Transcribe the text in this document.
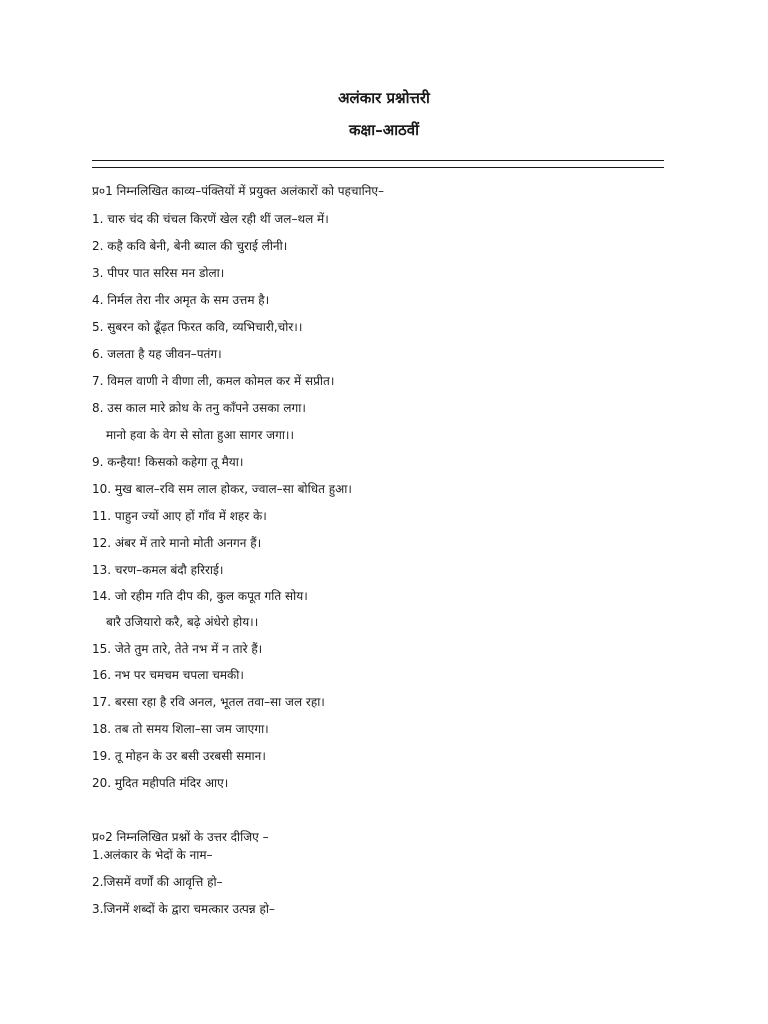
अलंकार प्रश्नोत्तरी
कक्षा–आठवीं
प्र०1 निम्नलिखित काव्य–पंक्तियों में प्रयुक्त अलंकारों को पहचानिए–
1. चारु चंद की चंचल किरणें खेल रही थीं जल–थल में।
2. कहै कवि बेनी, बेनी ब्याल की चुराई लीनी।
3. पीपर पात सरिस मन डोला।
4. निर्मल तेरा नीर अमृत के सम उत्तम है।
5. सुबरन को ढूँढ़त फिरत कवि, व्यभिचारी,चोर।।
6. जलता है यह जीवन–पतंग।
7. विमल वाणी ने वीणा ली, कमल कोमल कर में सप्रीत।
8. उस काल मारे क्रोध के तनु काँपने उसका लगा।
मानो हवा के वेग से सोता हुआ सागर जगा।।
9. कन्हैया! किसको कहेगा तू मैया।
10. मुख बाल–रवि सम लाल होकर, ज्वाल–सा बोधित हुआ।
11. पाहुन ज्यों आए हों गाँव में शहर के।
12. अंबर में तारे मानो मोती अनगन हैं।
13. चरण–कमल बंदौ हरिराई।
14. जो रहीम गति दीप की, कुल कपूत गति सोय।
बारै उजियारो करै, बढ़े अंधेरो होय।।
15. जेते तुम तारे, तेते नभ में न तारे हैं।
16. नभ पर चमचम चपला चमकी।
17. बरसा रहा है रवि अनल, भूतल तवा–सा जल रहा।
18. तब तो समय शिला–सा जम जाएगा।
19. तू मोहन के उर बसी उरबसी समान।
20. मुदित महीपति मंदिर आए।
प्र०2 निम्नलिखित प्रश्नों के उत्तर दीजिए –
1.अलंकार के भेदों के नाम–
2.जिसमें वर्णों की आवृत्ति हो–
3.जिनमें शब्दों के द्वारा चमत्कार उत्पन्न हो–
